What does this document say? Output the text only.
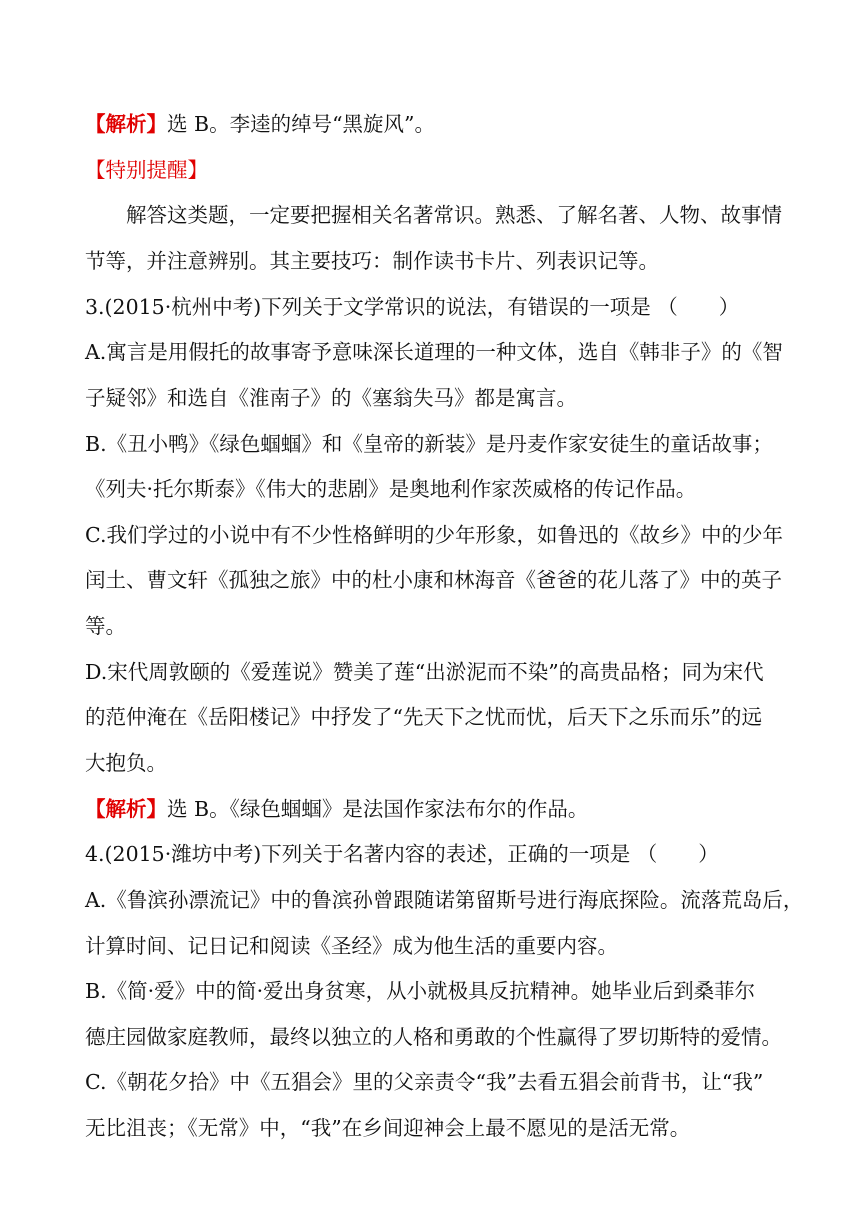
【解析】选 B。李逵的绰号“黑旋风”。
【特别提醒】
解答这类题，一定要把握相关名著常识。熟悉、了解名著、人物、故事情
节等，并注意辨别。其主要技巧：制作读书卡片、列表识记等。
3.(2015·杭州中考)下列关于文学常识的说法，有错误的一项是 （　　）
A.寓言是用假托的故事寄予意味深长道理的一种文体，选自《韩非子》的《智
子疑邻》和选自《淮南子》的《塞翁失马》都是寓言。
B.《丑小鸭》《绿色蝈蝈》和《皇帝的新装》是丹麦作家安徒生的童话故事；
《列夫·托尔斯泰》《伟大的悲剧》是奥地利作家茨威格的传记作品。
C.我们学过的小说中有不少性格鲜明的少年形象，如鲁迅的《故乡》中的少年
闰土、曹文轩《孤独之旅》中的杜小康和林海音《爸爸的花儿落了》中的英子
等。
D.宋代周敦颐的《爱莲说》赞美了莲“出淤泥而不染”的高贵品格；同为宋代
的范仲淹在《岳阳楼记》中抒发了“先天下之忧而忧，后天下之乐而乐”的远
大抱负。
【解析】选 B。《绿色蝈蝈》是法国作家法布尔的作品。
4.(2015·潍坊中考)下列关于名著内容的表述，正确的一项是 （　　）
A.《鲁滨孙漂流记》中的鲁滨孙曾跟随诺第留斯号进行海底探险。流落荒岛后，
计算时间、记日记和阅读《圣经》成为他生活的重要内容。
B.《简·爱》中的简·爱出身贫寒，从小就极具反抗精神。她毕业后到桑菲尔
德庄园做家庭教师，最终以独立的人格和勇敢的个性赢得了罗切斯特的爱情。
C.《朝花夕拾》中《五猖会》里的父亲责令“我”去看五猖会前背书，让“我”
无比沮丧；《无常》中，“我”在乡间迎神会上最不愿见的是活无常。
